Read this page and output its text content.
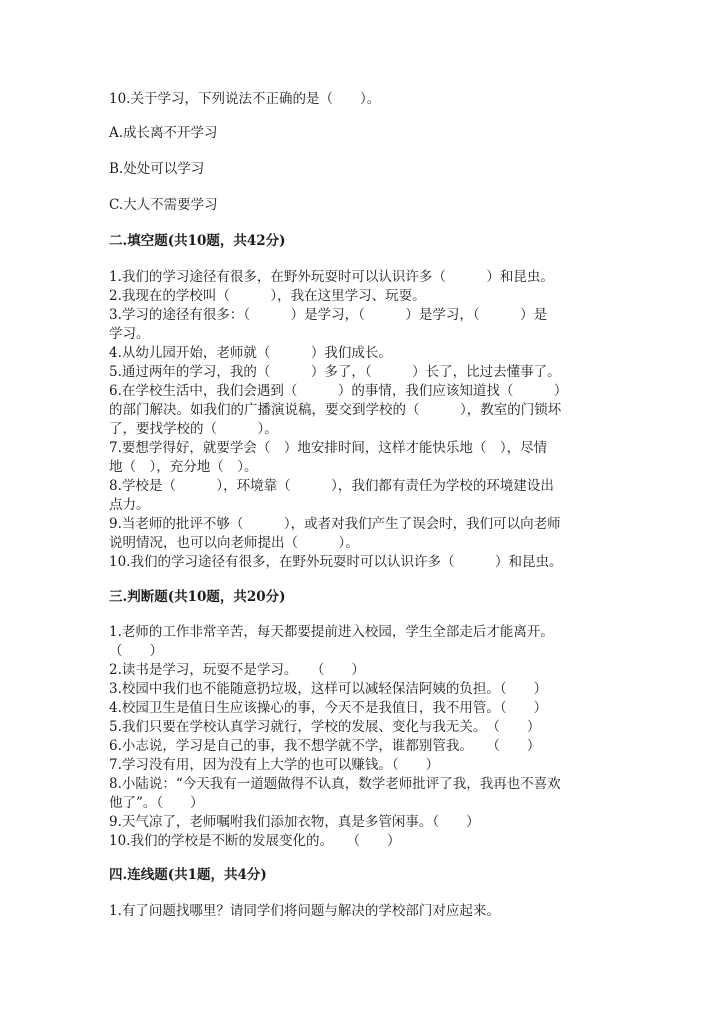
10.关于学习，下列说法不正确的是（　　）。
A.成长离不开学习
B.处处可以学习
C.大人不需要学习
二.填空题(共10题，共42分)
1.我们的学习途径有很多，在野外玩耍时可以认识许多（　　　）和昆虫。
2.我现在的学校叫（　　　），我在这里学习、玩耍。
3.学习的途径有很多：（　　　）是学习，（　　　）是学习，（　　　）是
学习。
4.从幼儿园开始，老师就（　　　）我们成长。
5.通过两年的学习，我的（　　　）多了，（　　　）长了，比过去懂事了。
6.在学校生活中，我们会遇到（　　　）的事情，我们应该知道找（　　　）
的部门解决。如我们的广播演说稿，要交到学校的（　　　），教室的门锁坏
了，要找学校的（　　　）。
7.要想学得好，就要学会（　）地安排时间，这样才能快乐地（　），尽情
地（　），充分地（　）。
8.学校是（　　　），环境靠（　　　），我们都有责任为学校的环境建设出
点力。
9.当老师的批评不够（　　　），或者对我们产生了误会时，我们可以向老师
说明情况，也可以向老师提出（　　　）。
10.我们的学习途径有很多，在野外玩耍时可以认识许多（　　　）和昆虫。
三.判断题(共10题，共20分)
1.老师的工作非常辛苦，每天都要提前进入校园，学生全部走后才能离开。
（　　）
2.读书是学习，玩耍不是学习。　　（　　）
3.校园中我们也不能随意扔垃圾，这样可以减轻保洁阿姨的负担。（　　）
4.校园卫生是值日生应该操心的事，今天不是我值日，我不用管。（　　）
5.我们只要在学校认真学习就行，学校的发展、变化与我无关。　（　　）
6.小志说，学习是自己的事，我不想学就不学，谁都别管我。　　（　　）
7.学习没有用，因为没有上大学的也可以赚钱。（　　）
8.小陆说：“今天我有一道题做得不认真，数学老师批评了我，我再也不喜欢
他了”。（　　）
9.天气凉了，老师嘱咐我们添加衣物，真是多管闲事。（　　）
10.我们的学校是不断的发展变化的。　　（　　）
四.连线题(共1题，共4分)
1.有了问题找哪里？请同学们将问题与解决的学校部门对应起来。
